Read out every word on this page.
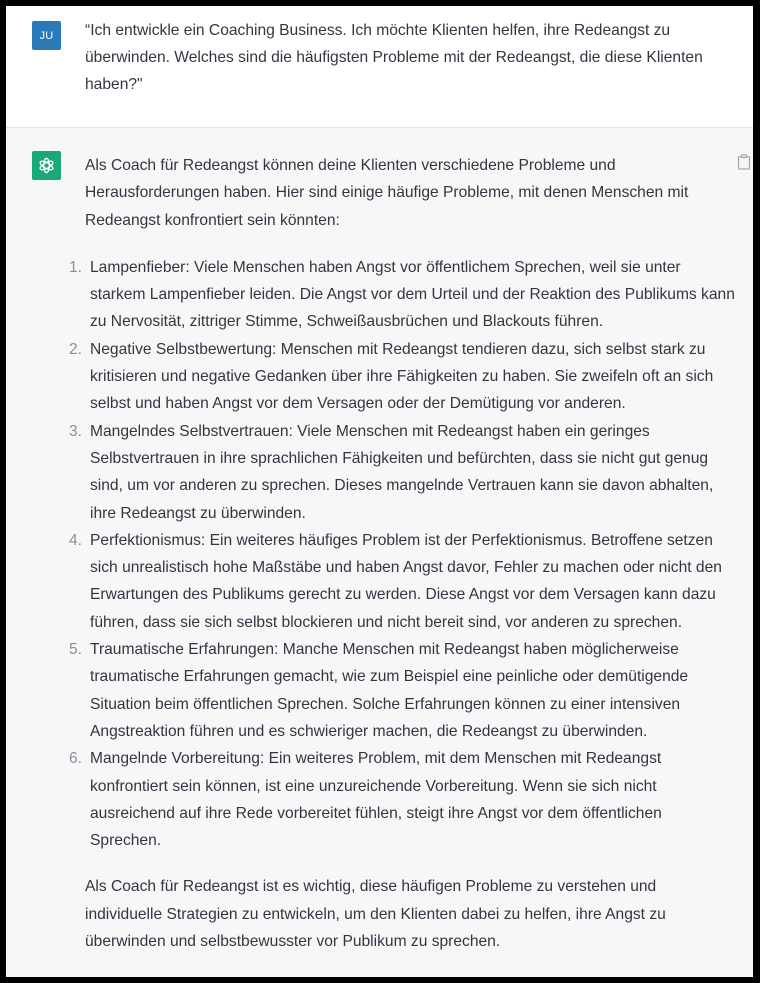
JU “Ich entwickle ein Coaching Business. Ich möchte Klienten helfen, ihre Redeangst zu überwinden. Welches sind die häufigsten Probleme mit der Redeangst, die diese Klienten haben?"

Als Coach für Redeangst können deine Klienten verschiedene Probleme und Herausforderungen haben. Hier sind einige häufige Probleme, mit denen Menschen mit Redeangst konfrontiert sein könnten:

1. Lampenfieber: Viele Menschen haben Angst vor öffentlichem Sprechen, weil sie unter starkem Lampenfieber leiden. Die Angst vor dem Urteil und der Reaktion des Publikums kann zu Nervosität, zittriger Stimme, Schweißausbrüchen und Blackouts führen.
2. Negative Selbstbewertung: Menschen mit Redeangst tendieren dazu, sich selbst stark zu kritisieren und negative Gedanken über ihre Fähigkeiten zu haben. Sie zweifeln oft an sich selbst und haben Angst vor dem Versagen oder der Demütigung vor anderen.
3. Mangelndes Selbstvertrauen: Viele Menschen mit Redeangst haben ein geringes Selbstvertrauen in ihre sprachlichen Fähigkeiten und befürchten, dass sie nicht gut genug sind, um vor anderen zu sprechen. Dieses mangelnde Vertrauen kann sie davon abhalten, ihre Redeangst zu überwinden.
4. Perfektionismus: Ein weiteres häufiges Problem ist der Perfektionismus. Betroffene setzen sich unrealistisch hohe Maßstäbe und haben Angst davor, Fehler zu machen oder nicht den Erwartungen des Publikums gerecht zu werden. Diese Angst vor dem Versagen kann dazu führen, dass sie sich selbst blockieren und nicht bereit sind, vor anderen zu sprechen.
5. Traumatische Erfahrungen: Manche Menschen mit Redeangst haben möglicherweise traumatische Erfahrungen gemacht, wie zum Beispiel eine peinliche oder demütigende Situation beim öffentlichen Sprechen. Solche Erfahrungen können zu einer intensiven Angstreaktion führen und es schwieriger machen, die Redeangst zu überwinden.
6. Mangelnde Vorbereitung: Ein weiteres Problem, mit dem Menschen mit Redeangst konfrontiert sein können, ist eine unzureichende Vorbereitung. Wenn sie sich nicht ausreichend auf ihre Rede vorbereitet fühlen, steigt ihre Angst vor dem öffentlichen Sprechen.

Als Coach für Redeangst ist es wichtig, diese häufigen Probleme zu verstehen und individuelle Strategien zu entwickeln, um den Klienten dabei zu helfen, ihre Angst zu überwinden und selbstbewusster vor Publikum zu sprechen.
